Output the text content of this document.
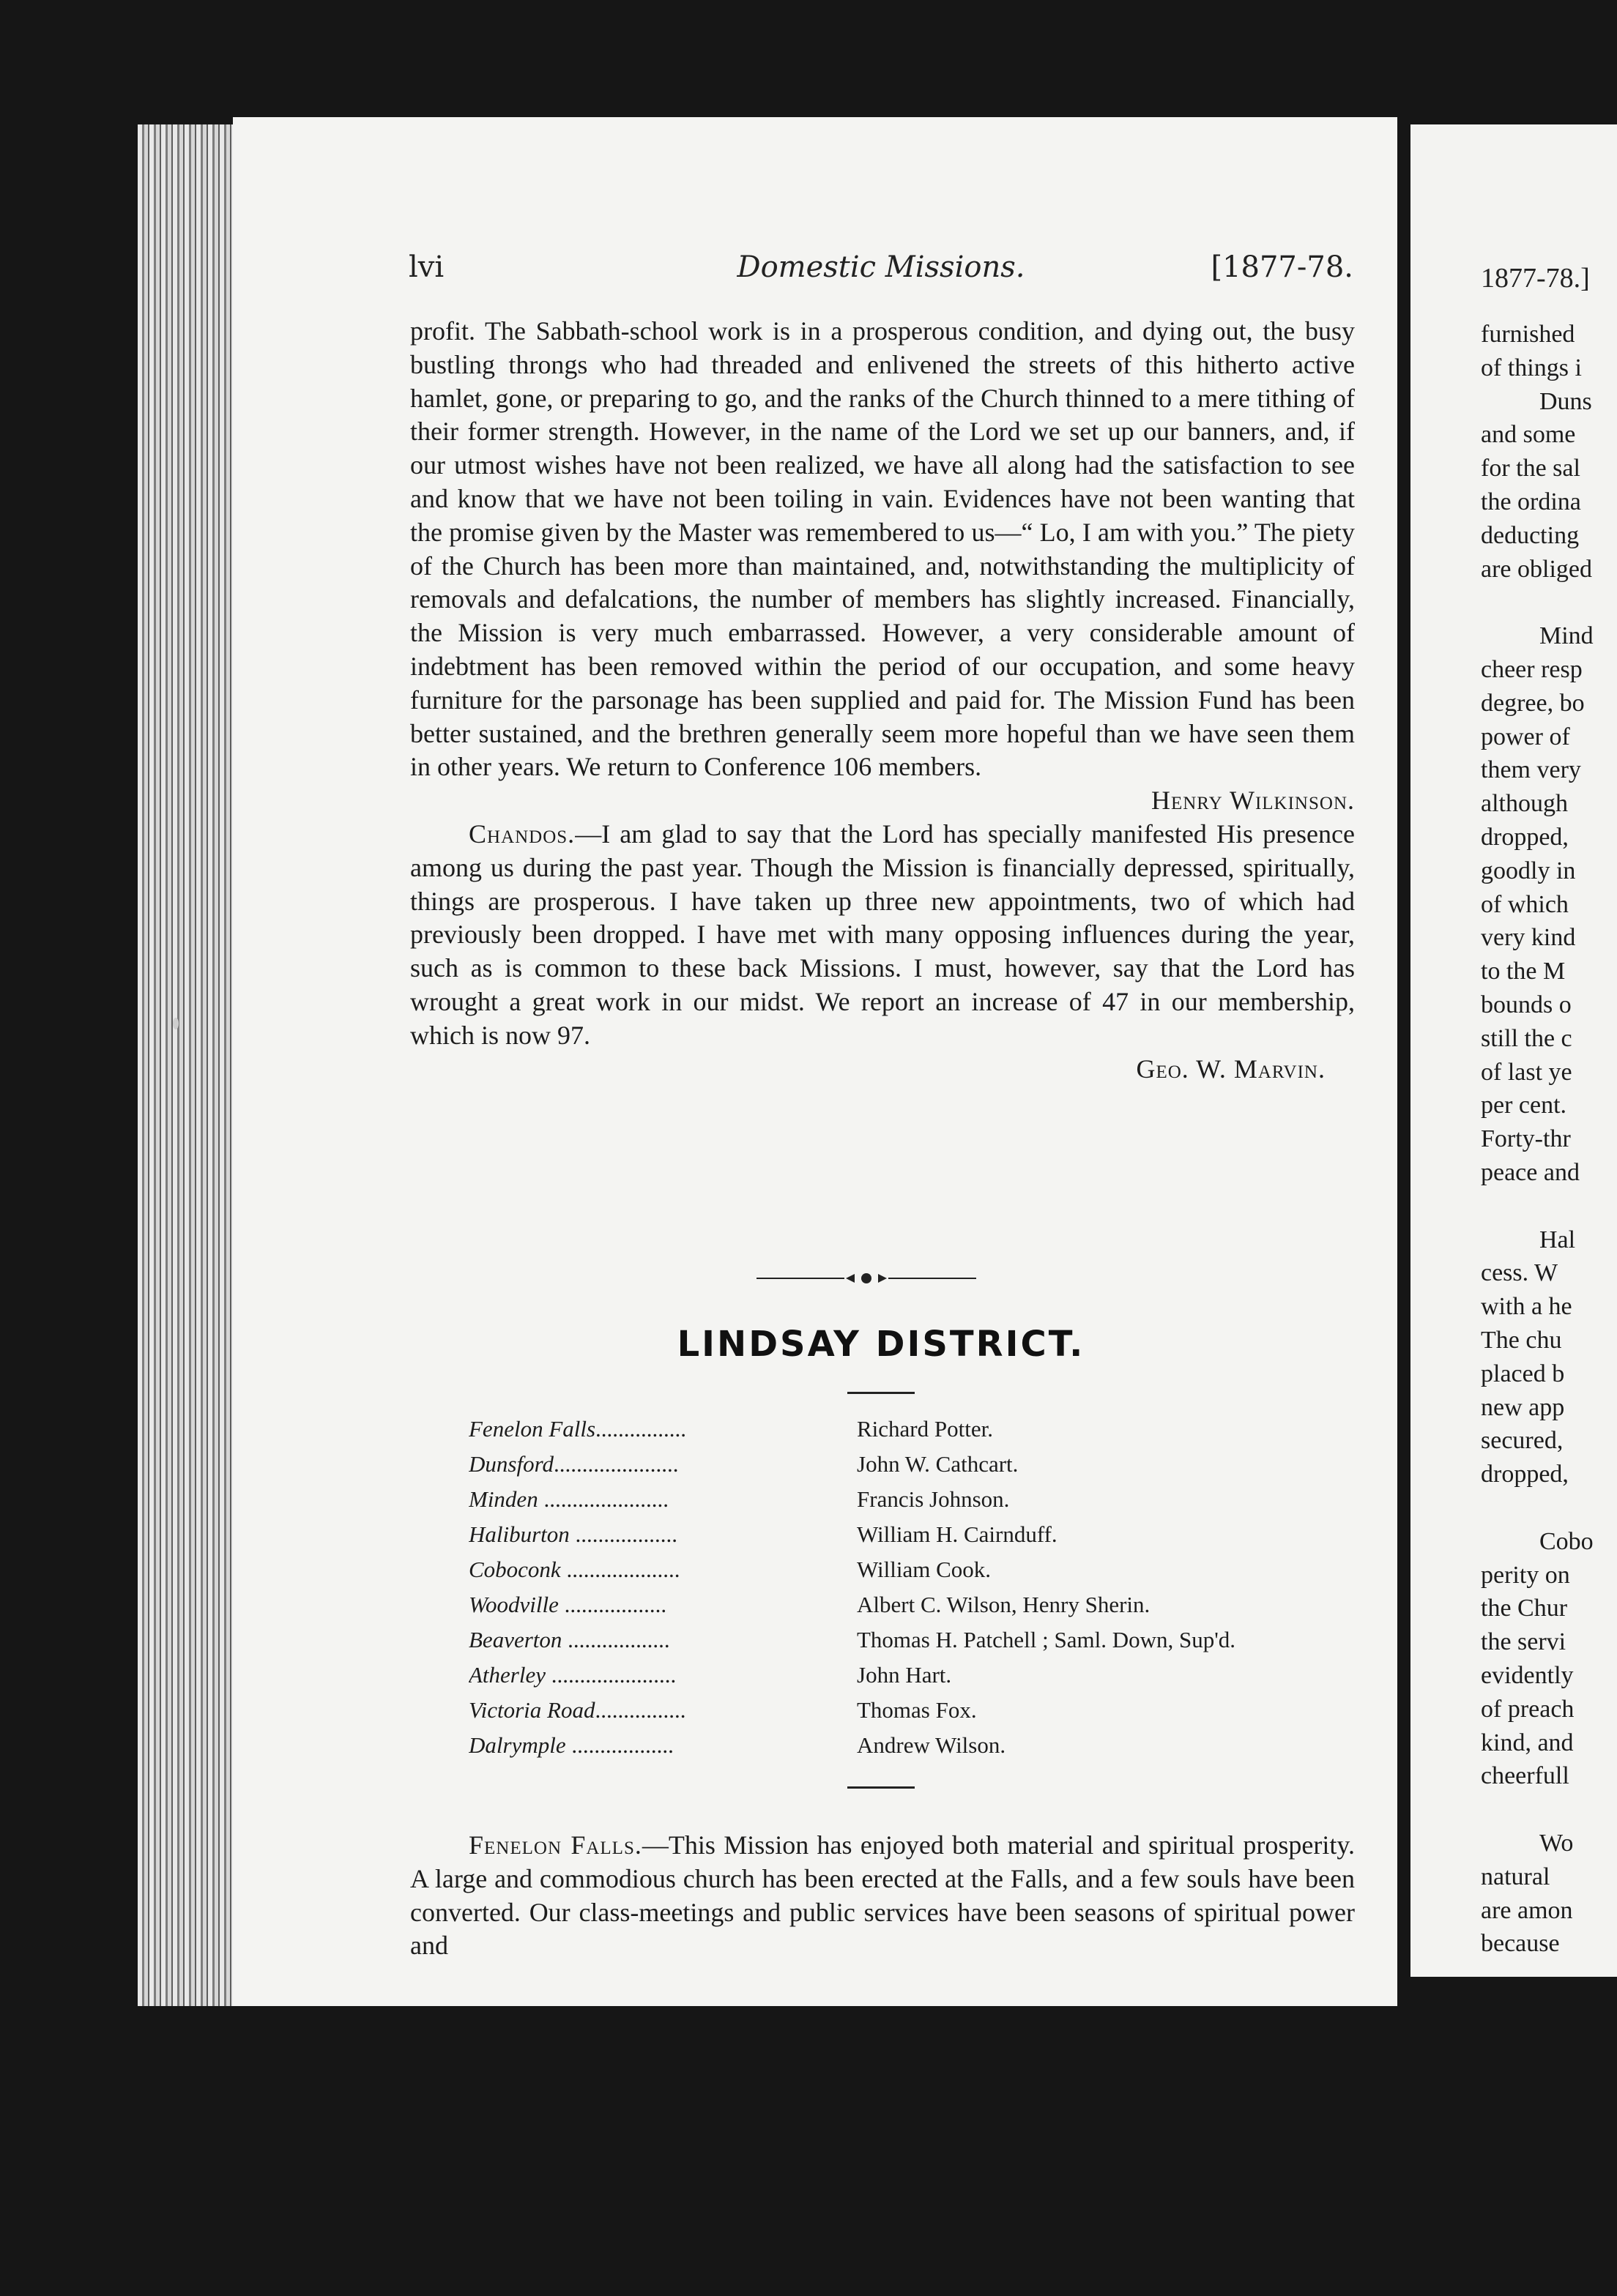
lvi	Domestic Missions.	[1877-78.

profit. The Sabbath-school work is in a prosperous condition, and dying out, the busy bustling throngs who had threaded and enlivened the streets of this hitherto active hamlet, gone, or preparing to go, and the ranks of the Church thinned to a mere tithing of their former strength. However, in the name of the Lord we set up our banners, and, if our utmost wishes have not been realized, we have all along had the satisfaction to see and know that we have not been toiling in vain. Evidences have not been wanting that the promise given by the Master was remembered to us—“ Lo, I am with you.” The piety of the Church has been more than maintained, and, notwithstanding the multiplicity of removals and defalcations, the number of members has slightly increased. Financially, the Mission is very much embarrassed. However, a very considerable amount of indebtment has been removed within the period of our occupation, and some heavy furniture for the parsonage has been supplied and paid for. The Mission Fund has been better sustained, and the brethren generally seem more hopeful than we have seen them in other years. We return to Conference 106 members.

Henry Wilkinson.

Chandos.—I am glad to say that the Lord has specially manifested His presence among us during the past year. Though the Mission is financially depressed, spiritually, things are prosperous. I have taken up three new appointments, two of which had previously been dropped. I have met with many opposing influences during the year, such as is common to these back Missions. I must, however, say that the Lord has wrought a great work in our midst. We report an increase of 47 in our membership, which is now 97.

Geo. W. Marvin.

LINDSAY DISTRICT.
Fenelon Falls................	Richard Potter.
Dunsford......................	John W. Cathcart.
Minden ......................	Francis Johnson.
Haliburton ..................	William H. Cairnduff.
Coboconk ....................	William Cook.
Woodville ..................	Albert C. Wilson, Henry Sherin.
Beaverton ..................	Thomas H. Patchell ; Saml. Down, Sup'd.
Atherley ......................	John Hart.
Victoria Road................	Thomas Fox.
Dalrymple ..................	Andrew Wilson.

Fenelon Falls.—This Mission has enjoyed both material and spiritual prosperity. A large and commodious church has been erected at the Falls, and a few souls have been converted. Our class-meetings and public services have been seasons of spiritual power and

1877-78.]
furnished
of things i
Duns
and some
for the sal
the ordina
deducting
are obliged
Mind
cheer resp
degree, bo
power of
them very
although
dropped,
goodly in
of which
very kind
to the M
bounds o
still the c
of last ye
per cent.
Forty-thr
peace and
Hal
cess. W
with a he
The chu
placed b
new app
secured,
dropped,
Cobo
perity on
the Chur
the servi
evidently
of preach
kind, and
cheerfull
Wo
natural
are amon
because
